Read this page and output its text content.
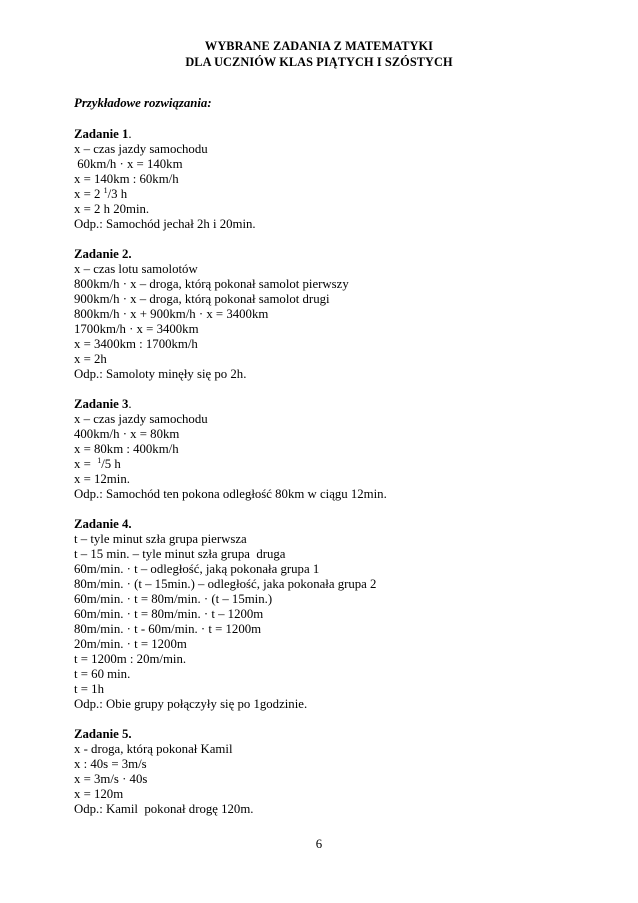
WYBRANE ZADANIA Z MATEMATYKI
DLA UCZNIÓW KLAS PIĄTYCH I SZÓSTYCH
Przykładowe rozwiązania:
Zadanie 1.
x – czas jazdy samochodu
60km/h · x = 140km
x = 140km : 60km/h
x = 2 $^1$/3 h
x = 2 h 20min.
Odp.: Samochód jechał 2h i 20min.
Zadanie 2.
x – czas lotu samolotów
800km/h · x – droga, którą pokonał samolot pierwszy
900km/h · x – droga, którą pokonał samolot drugi
800km/h · x + 900km/h · x = 3400km
1700km/h · x = 3400km
x = 3400km : 1700km/h
x = 2h
Odp.: Samoloty minęły się po 2h.
Zadanie 3.
x – czas jazdy samochodu
400km/h · x = 80km
x = 80km : 400km/h
x =  $^1$/5 h
x = 12min.
Odp.: Samochód ten pokona odległość 80km w ciągu 12min.
Zadanie 4.
t – tyle minut szła grupa pierwsza
t – 15 min. – tyle minut szła grupa  druga
60m/min. · t – odległość, jaką pokonała grupa 1
80m/min. · (t – 15min.) – odległość, jaka pokonała grupa 2
60m/min. · t = 80m/min. · (t – 15min.)
60m/min. · t = 80m/min. · t – 1200m
80m/min. · t - 60m/min. · t = 1200m
20m/min. · t = 1200m
t = 1200m : 20m/min.
t = 60 min.
t = 1h
Odp.: Obie grupy połączyły się po 1godzinie.
Zadanie 5.
x - droga, którą pokonał Kamil
x : 40s = 3m/s
x = 3m/s · 40s
x = 120m
Odp.: Kamil  pokonał drogę 120m.
6
